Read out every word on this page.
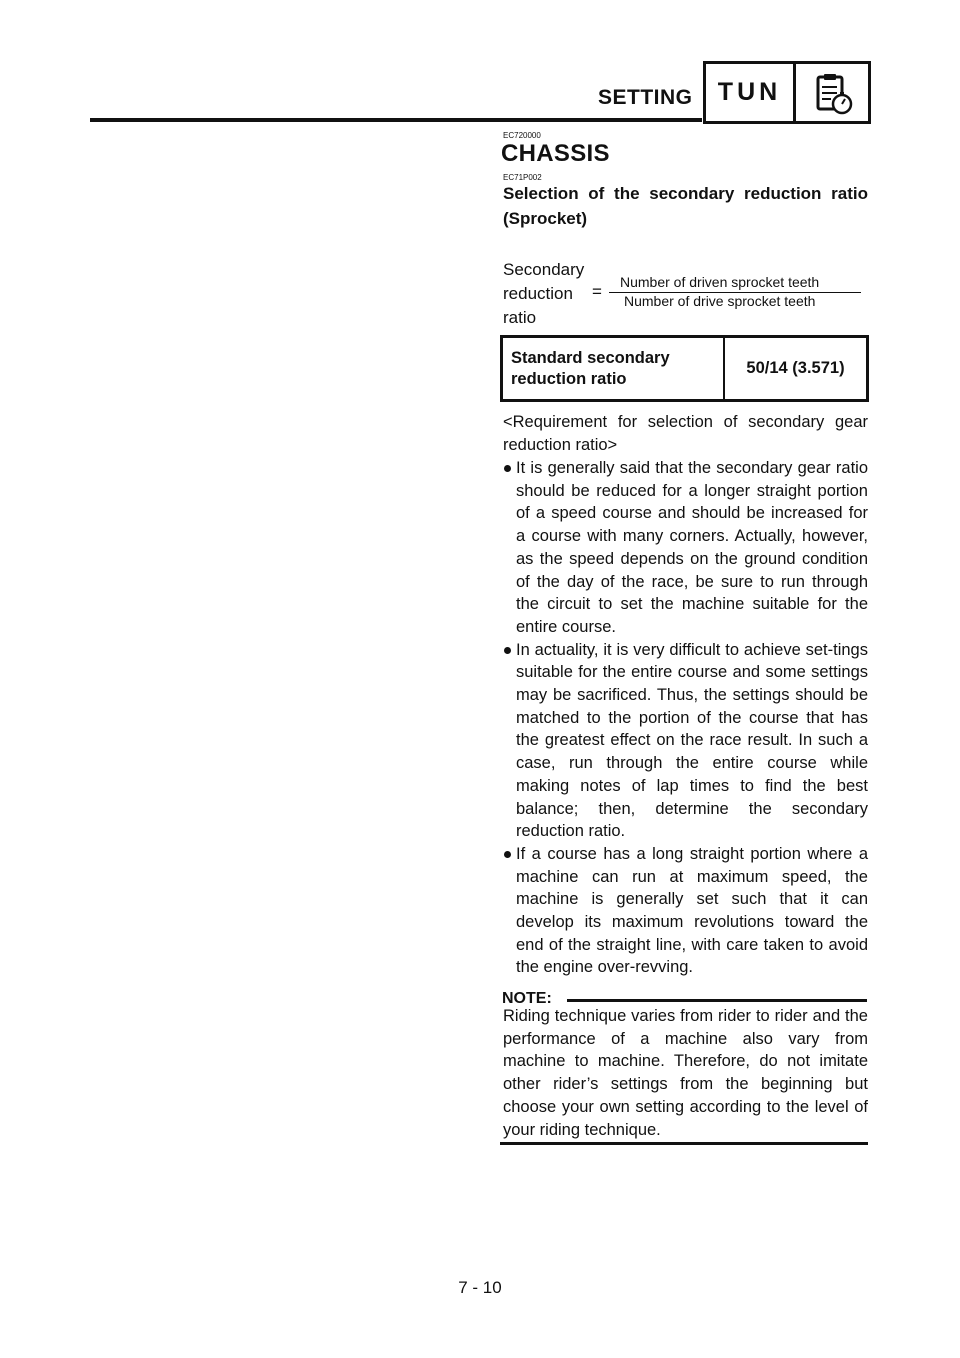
SETTING	TUN
EC720000
CHASSIS
EC71P002
Selection of the secondary reduction ratio (Sprocket)
Secondary
reduction
ratio
= Number of driven sprocket teeth
Number of drive sprocket teeth
Standard secondary
reduction ratio
50/14 (3.571)
<Requirement for selection of secondary gear reduction ratio>
It is generally said that the secondary gear ratio should be reduced for a longer straight portion of a speed course and should be increased for a course with many corners. Actually, however, as the speed depends on the ground condition of the day of the race, be sure to run through the circuit to set the machine suitable for the entire course.
In actuality, it is very difficult to achieve set-tings suitable for the entire course and some settings may be sacrificed. Thus, the settings should be matched to the portion of the course that has the greatest effect on the race result. In such a case, run through the entire course while making notes of lap times to find the best balance; then, determine the secondary reduction ratio.
If a course has a long straight portion where a machine can run at maximum speed, the machine is generally set such that it can develop its maximum revolutions toward the end of the straight line, with care taken to avoid the engine over-revving.
NOTE:
Riding technique varies from rider to rider and the performance of a machine also vary from machine to machine. Therefore, do not imitate other rider’s settings from the beginning but choose your own setting according to the level of your riding technique.
7 - 10
